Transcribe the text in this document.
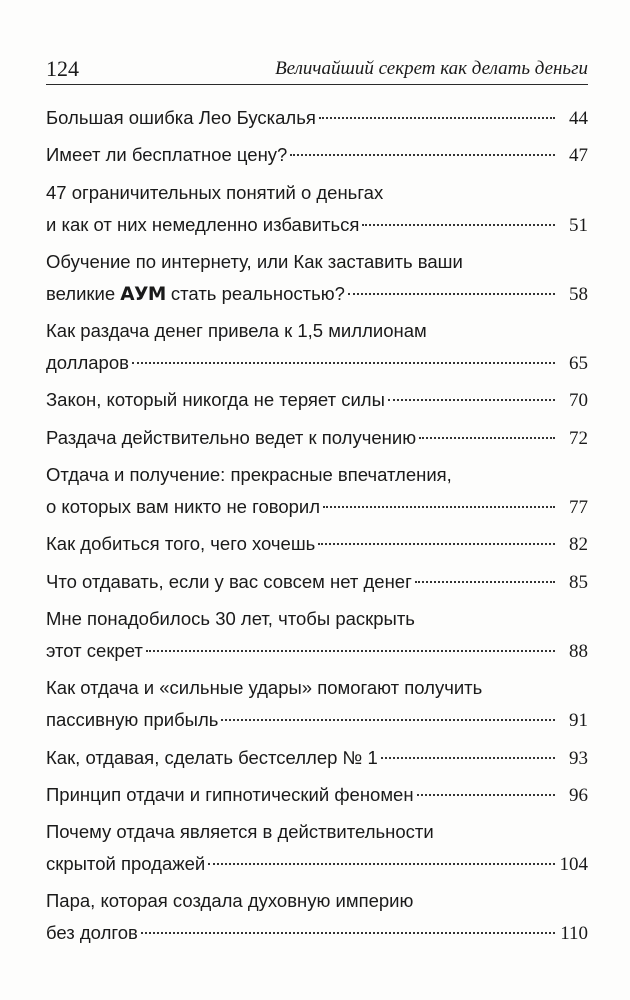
124	Величайший секрет как делать деньги
Большая ошибка Лео Бускалья	44
Имеет ли бесплатное цену?	47
47 ограничительных понятий о деньгах
и как от них немедленно избавиться	51
Обучение по интернету, или Как заставить ваши
великие АУМ стать реальностью?	58
Как раздача денег привела к 1,5 миллионам
долларов	65
Закон, который никогда не теряет силы	70
Раздача действительно ведет к получению	72
Отдача и получение: прекрасные впечатления,
о которых вам никто не говорил	77
Как добиться того, чего хочешь	82
Что отдавать, если у вас совсем нет денег	85
Мне понадобилось 30 лет, чтобы раскрыть
этот секрет	88
Как отдача и «сильные удары» помогают получить
пассивную прибыль	91
Как, отдавая, сделать бестселлер № 1	93
Принцип отдачи и гипнотический феномен	96
Почему отдача является в действительности
скрытой продажей	104
Пара, которая создала духовную империю
без долгов	110
